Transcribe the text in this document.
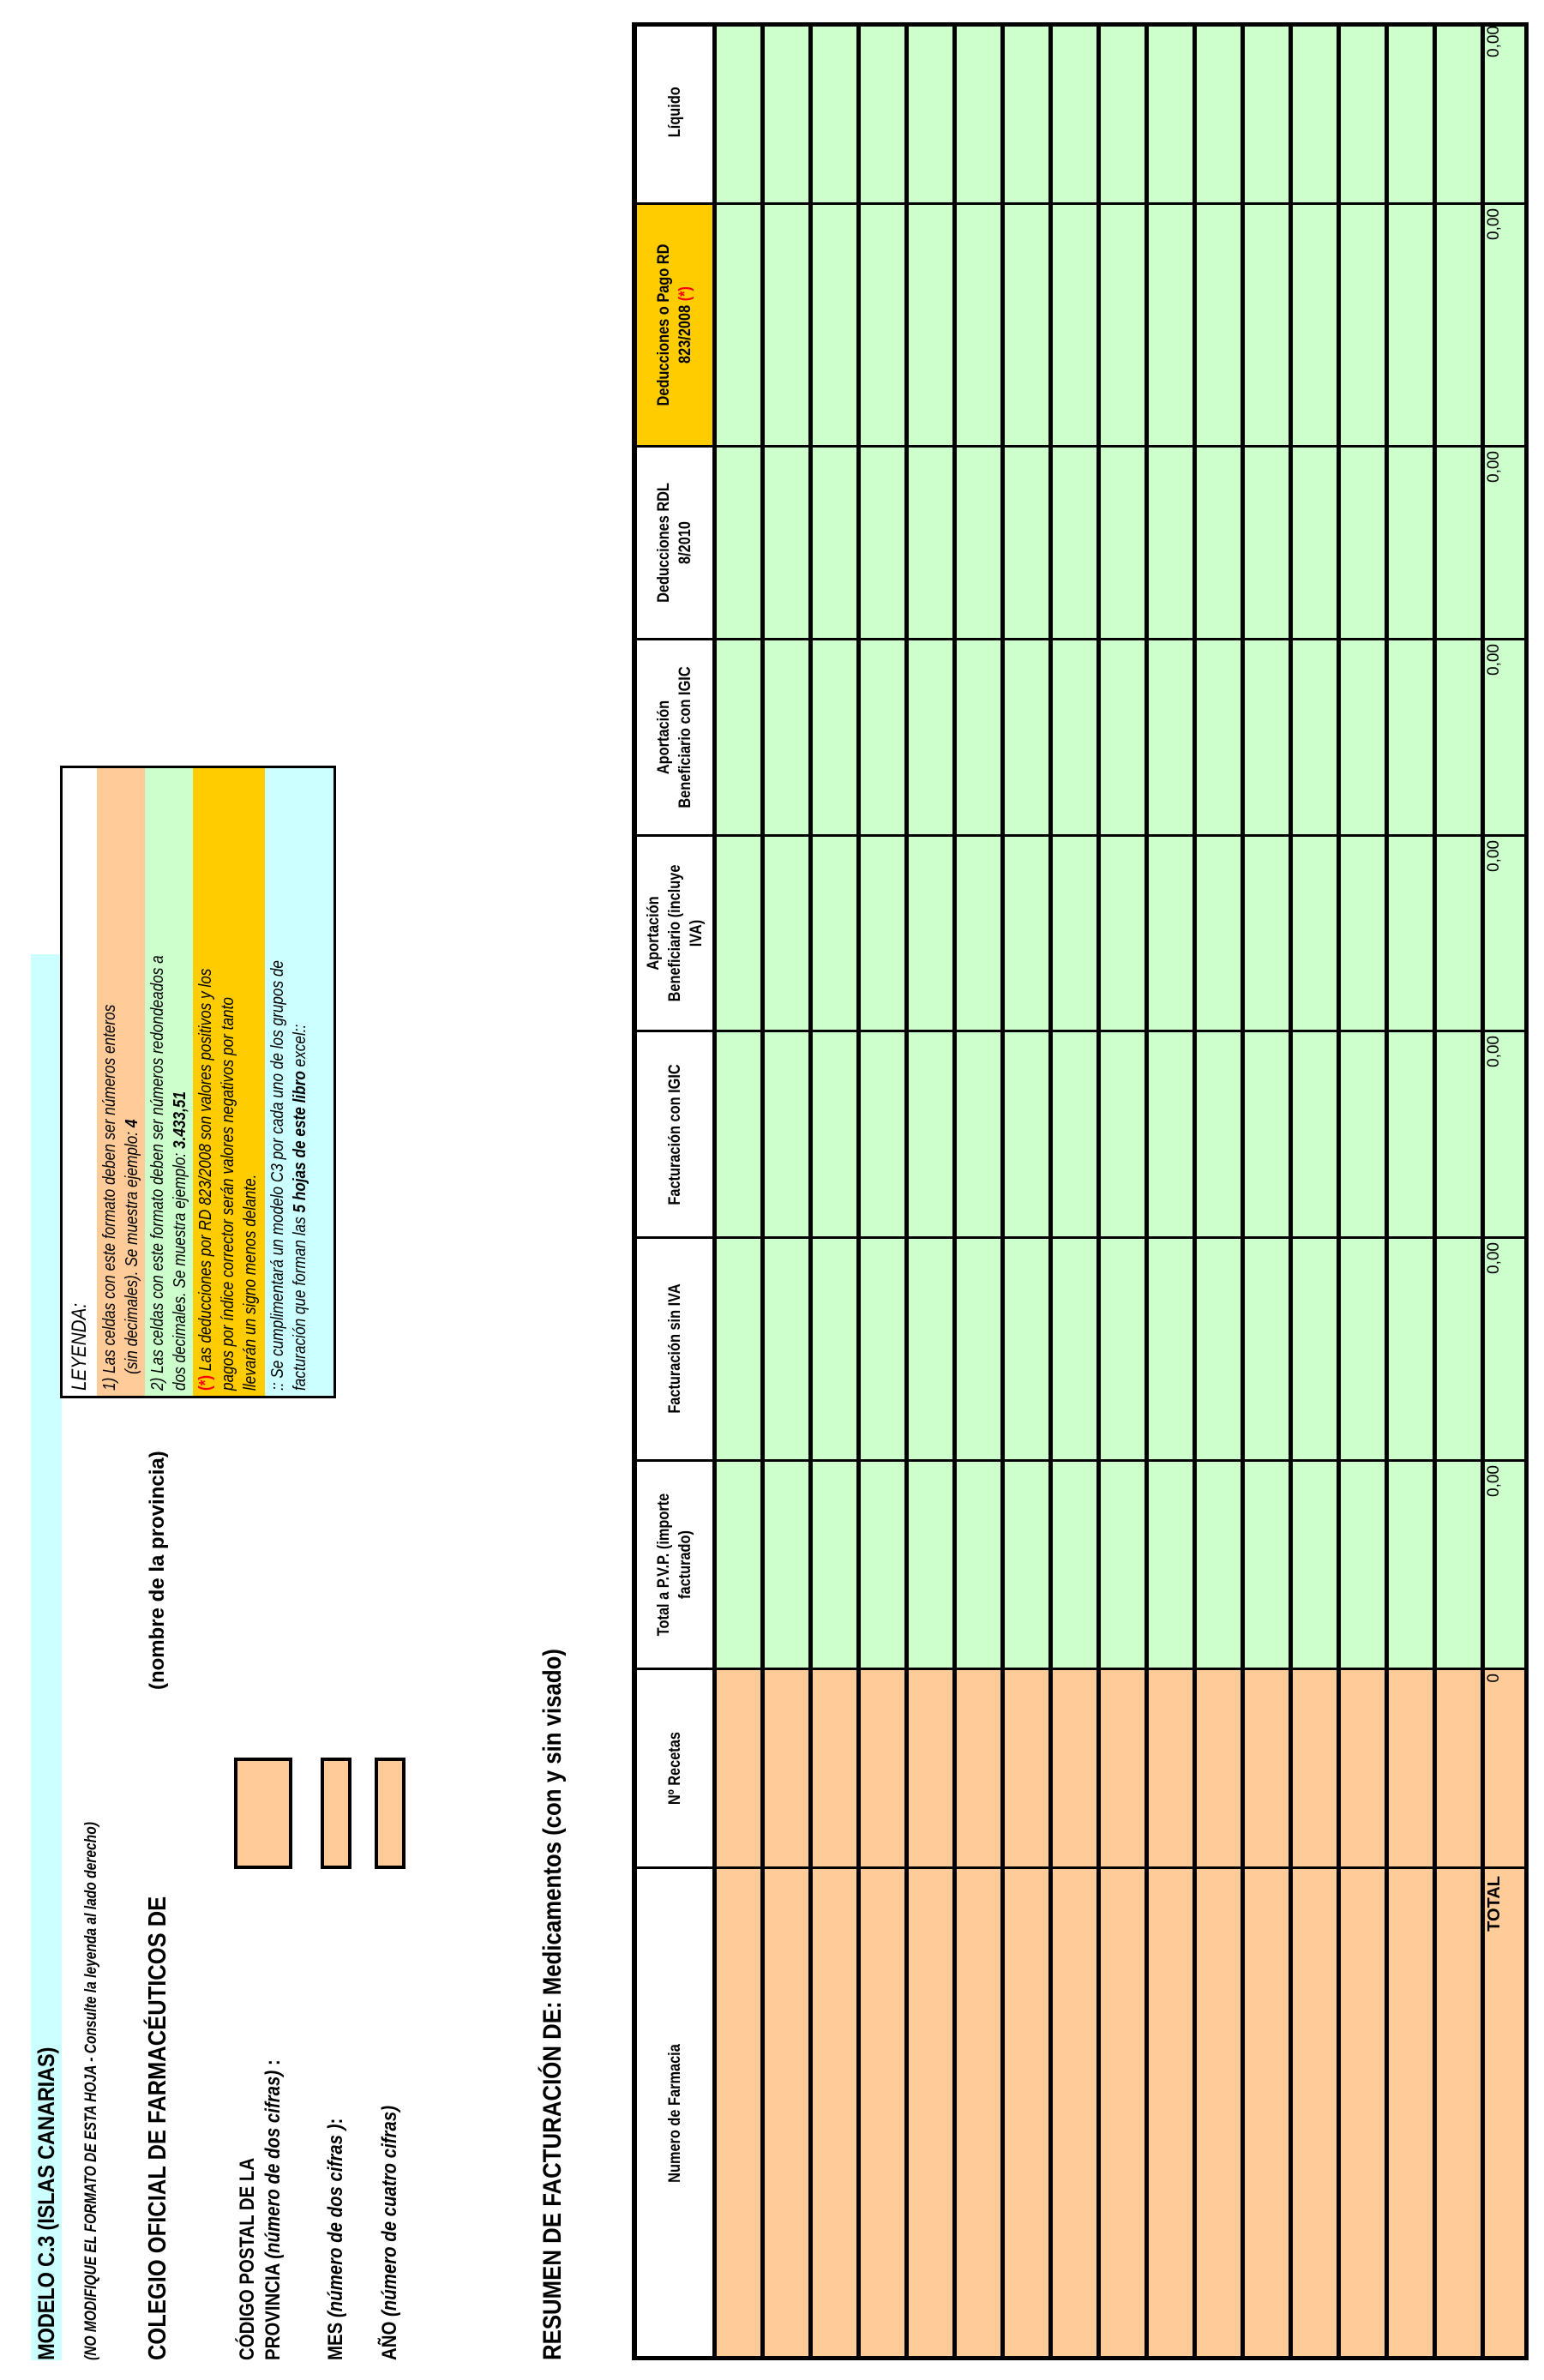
MODELO C.3 (ISLAS CANARIAS) (NO MODIFIQUE EL FORMATO DE ESTA HOJA - Consulte la leyenda al lado derecho) COLEGIO OFICIAL DE FARMACÉUTICOS DE
(nombre de la provincia)
CÓDIGO POSTAL DE LA PROVINCIA (número de dos cifras) :
MES (número de dos cifras ):
AÑO (número de cuatro cifras)
LEYENDA: 1) Las celdas con este formato deben ser números enteros (sin decimales). Se muestra ejemplo: 4 2) Las celdas con este formato deben ser números redondeados a dos decimales. Se muestra ejemplo: 3.433,51
(*) Las deducciones por RD 823/2008 son valores positivos y los pagos por índice corrector serán valores negativos por tanto llevarán un signo menos delante. :: Se cumplimentará un modelo C3 por cada uno de los grupos de facturación que forman las 5 hojas de este libro excel::
RESUMEN DE FACTURACIÓN DE: Medicamentos (con y sin visado)	Numero de Farmacia
Nº Recetas
Total a P.V.P. (importe facturado)
Facturación sin IVA
Facturación con IGIC
Aportación Beneficiario (incluye IVA)
Aportación Beneficiario con IGIC
Deducciones RDL 8/2010
Deducciones o Pago RD 823/2008 (*)
Líquido
TOTAL
0
0,00
0,00
0,00
0,00
0,00
0,00
0,00
0,00
